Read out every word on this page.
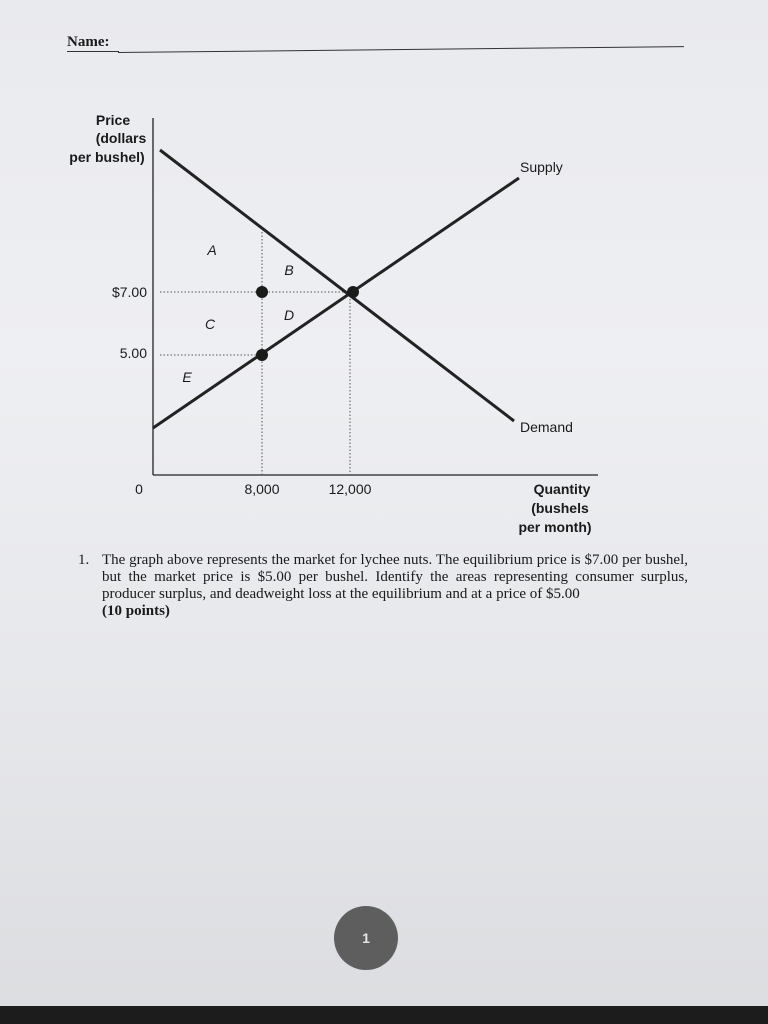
Name:
Price
(dollars
per bushel)
$7.00
5.00
0	8,000	12,000	Quantity
(bushels
per month)
Supply
Demand
A
B
C
D
E
1. The graph above represents the market for lychee nuts. The equilibrium price is $7.00 per bushel, but the market price is $5.00 per bushel. Identify the areas representing consumer surplus, producer surplus, and deadweight loss at the equilibrium and at a price of $5.00
(10 points)
1
